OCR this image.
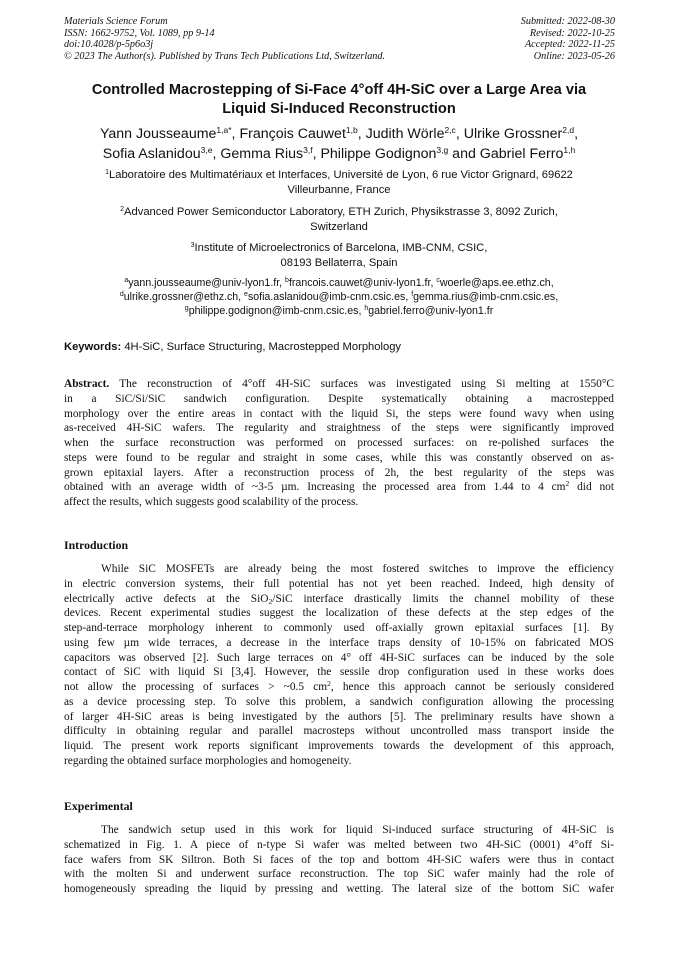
Materials Science Forum
ISSN: 1662-9752, Vol. 1089, pp 9-14
doi:10.4028/p-5p6o3j
© 2023 The Author(s). Published by Trans Tech Publications Ltd, Switzerland.
Submitted: 2022-08-30
Revised: 2022-10-25
Accepted: 2022-11-25
Online: 2023-05-26
Controlled Macrostepping of Si-Face 4°off 4H-SiC over a Large Area via
Liquid Si-Induced Reconstruction
Yann Jousseaume$^{1,a*}$, François Cauwet$^{1,b}$, Judith Wörle$^{2,c}$, Ulrike Grossner$^{2,d}$,
Sofia Aslanidou$^{3,e}$, Gemma Rius$^{3,f}$, Philippe Godignon$^{3,g}$ and Gabriel Ferro$^{1,h}$
$^1$Laboratoire des Multimatériaux et Interfaces, Université de Lyon, 6 rue Victor Grignard, 69622
Villeurbanne, France
$^2$Advanced Power Semiconductor Laboratory, ETH Zurich, Physikstrasse 3, 8092 Zurich,
Switzerland
$^3$Institute of Microelectronics of Barcelona, IMB-CNM, CSIC,
08193 Bellaterra, Spain
$^a$yann.jousseaume@univ-lyon1.fr, $^b$francois.cauwet@univ-lyon1.fr, $^c$woerle@aps.ee.ethz.ch,
$^d$ulrike.grossner@ethz.ch, $^e$sofia.aslanidou@imb-cnm.csic.es, $^f$gemma.rius@imb-cnm.csic.es,
$^g$philippe.godignon@imb-cnm.csic.es, $^h$gabriel.ferro@univ-lyon1.fr
Keywords: 4H-SiC, Surface Structuring, Macrostepped Morphology
Abstract. The reconstruction of 4°off 4H-SiC surfaces was investigated using Si melting at 1550°C
in a SiC/Si/SiC sandwich configuration. Despite systematically obtaining a macrostepped
morphology over the entire areas in contact with the liquid Si, the steps were found wavy when using
as-received 4H-SiC wafers. The regularity and straightness of the steps were significantly improved
when the surface reconstruction was performed on processed surfaces: on re-polished surfaces the
steps were found to be regular and straight in some cases, while this was constantly observed on as-
grown epitaxial layers. After a reconstruction process of 2h, the best regularity of the steps was
obtained with an average width of ~3-5 µm. Increasing the processed area from 1.44 to 4 $cm^2$ did not
affect the results, which suggests good scalability of the process.
Introduction
While SiC MOSFETs are already being the most fostered switches to improve the efficiency
in electric conversion systems, their full potential has not yet been reached. Indeed, high density of
electrically active defects at the SiO$_2$/SiC interface drastically limits the channel mobility of these
devices. Recent experimental studies suggest the localization of these defects at the step edges of the
step-and-terrace morphology inherent to commonly used off-axially grown epitaxial surfaces [1]. By
using few µm wide terraces, a decrease in the interface traps density of 10-15% on fabricated MOS
capacitors was observed [2]. Such large terraces on 4° off 4H-SiC surfaces can be induced by the sole
contact of SiC with liquid Si [3,4]. However, the sessile drop configuration used in these works does
not allow the processing of surfaces > ~0.5 $cm^2$, hence this approach cannot be seriously considered
as a device processing step. To solve this problem, a sandwich configuration allowing the processing
of larger 4H-SiC areas is being investigated by the authors [5]. The preliminary results have shown a
difficulty in obtaining regular and parallel macrosteps without uncontrolled mass transport inside the
liquid. The present work reports significant improvements towards the development of this approach,
regarding the obtained surface morphologies and homogeneity.
Experimental
The sandwich setup used in this work for liquid Si-induced surface structuring of 4H-SiC is
schematized in Fig. 1. A piece of n-type Si wafer was melted between two 4H-SiC (0001) 4°off Si-
face wafers from SK Siltron. Both Si faces of the top and bottom 4H-SiC wafers were thus in contact
with the molten Si and underwent surface reconstruction. The top SiC wafer mainly had the role of
homogeneously spreading the liquid by pressing and wetting. The lateral size of the bottom SiC wafer
